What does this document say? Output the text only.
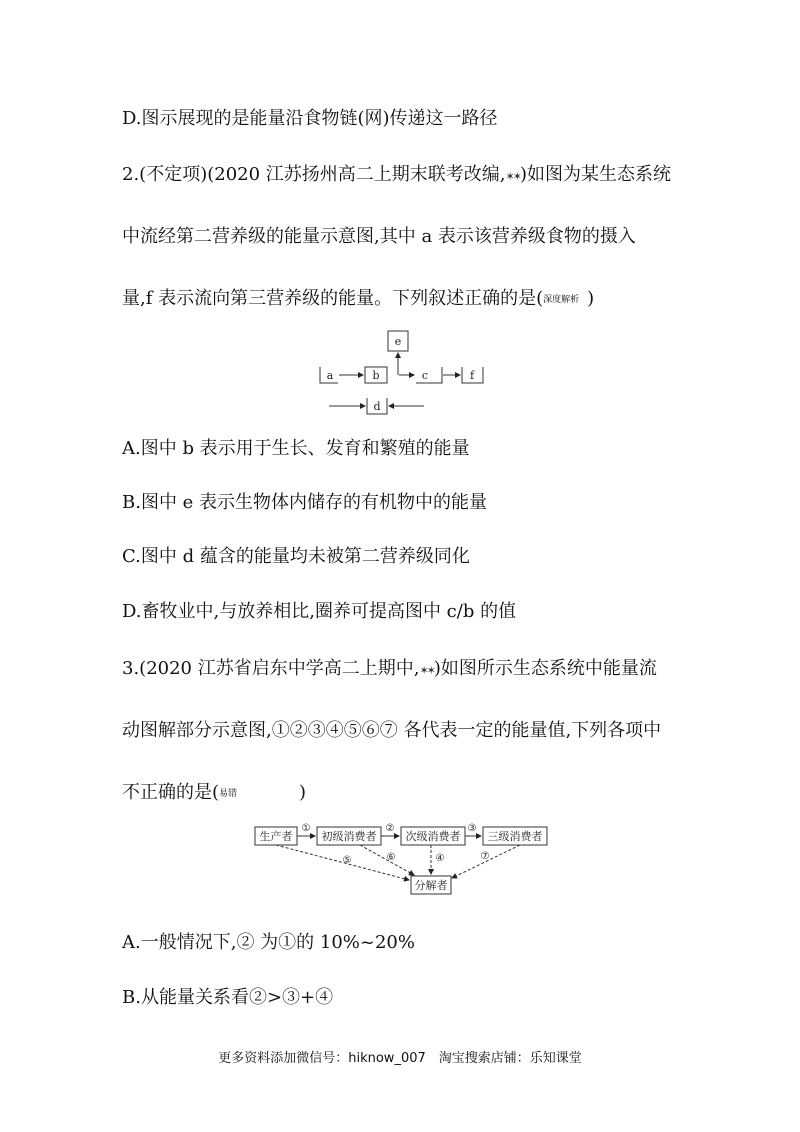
D.图示展现的是能量沿食物链(网)传递这一路径
2.(不定项)(2020 江苏扬州高二上期末联考改编,✶✶)如图为某生态系统
中流经第二营养级的能量示意图,其中 a 表示该营养级食物的摄入
量,f 表示流向第三营养级的能量。下列叙述正确的是(深度解析 )
a	b	c	f
e
d
A.图中 b 表示用于生长、发育和繁殖的能量
B.图中 e 表示生物体内储存的有机物中的能量
C.图中 d 蕴含的能量均未被第二营养级同化
D.畜牧业中,与放养相比,圈养可提高图中 c/b 的值
3.(2020 江苏省启东中学高二上期中,✶✶)如图所示生态系统中能量流
动图解部分示意图,①②③④⑤⑥⑦ 各代表一定的能量值,下列各项中
不正确的是(易错	)
生产者	初级消费者	次级消费者 三级消费者
分解者
①	②	③
④
⑤	⑥	⑦
A.一般情况下,② 为①的 10%~20%
B.从能量关系看②>③+④
更多资料添加微信号：hiknow_007　淘宝搜索店铺：乐知课堂
